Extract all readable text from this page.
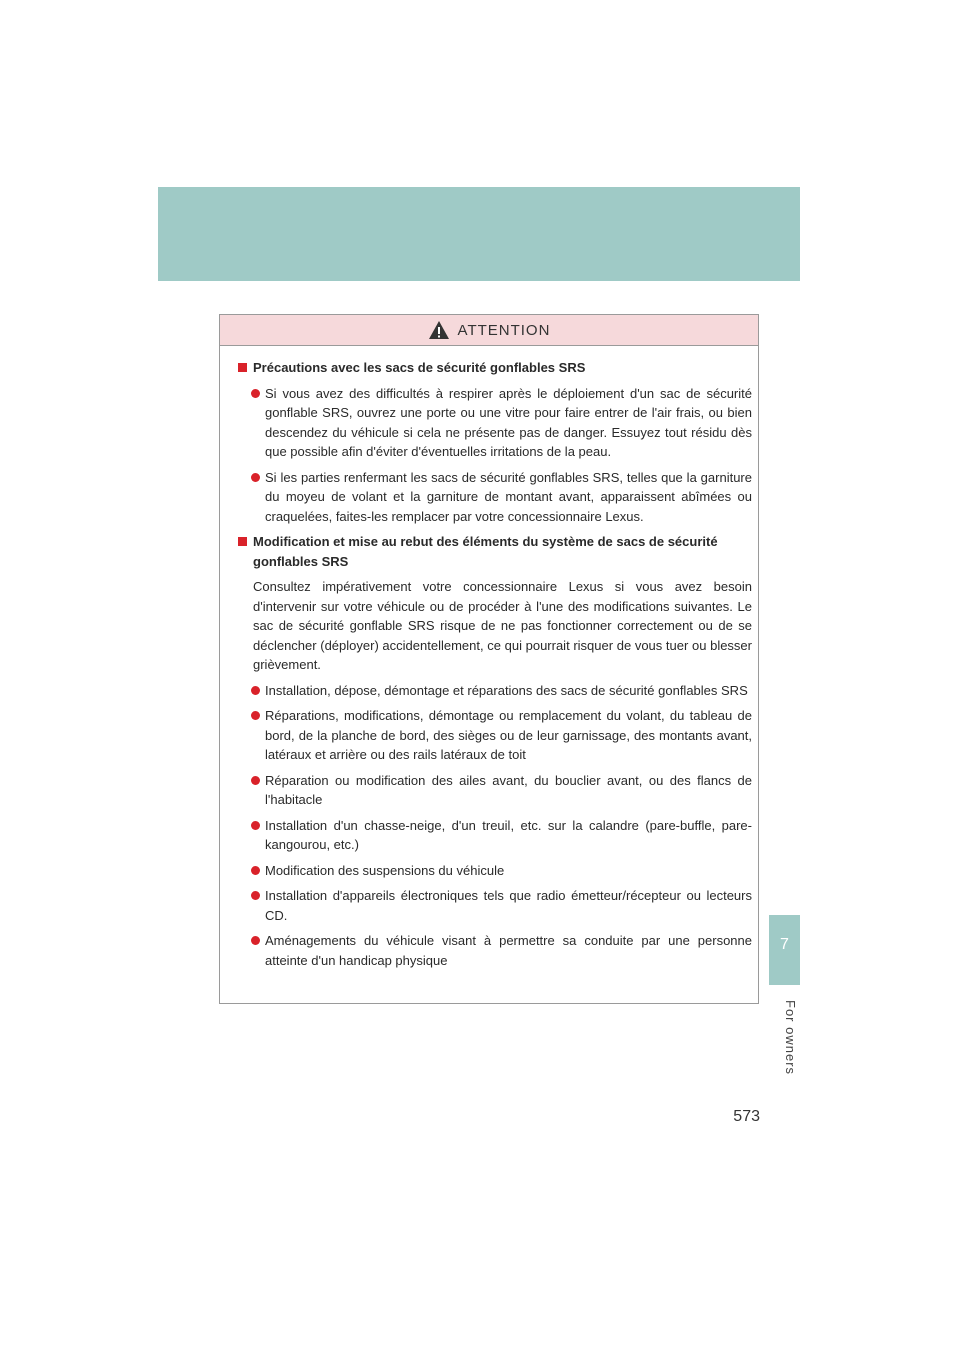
7
For owners
ATTENTION
Précautions avec les sacs de sécurité gonflables SRS

Si vous avez des difficultés à respirer après le déploiement d'un sac de sécurité gonflable SRS, ouvrez une porte ou une vitre pour faire entrer de l'air frais, ou bien descendez du véhicule si cela ne présente pas de danger. Essuyez tout résidu dès que possible afin d'éviter d'éventuelles irritations de la peau.

Si les parties renfermant les sacs de sécurité gonflables SRS, telles que la garniture du moyeu de volant et la garniture de montant avant, apparaissent abîmées ou craquelées, faites-les remplacer par votre concessionnaire Lexus.

Modification et mise au rebut des éléments du système de sacs de sécurité gonflables SRS

Consultez impérativement votre concessionnaire Lexus si vous avez besoin d'intervenir sur votre véhicule ou de procéder à l'une des modifications suivantes. Le sac de sécurité gonflable SRS risque de ne pas fonctionner correctement ou de se déclencher (déployer) accidentellement, ce qui pourrait risquer de vous tuer ou blesser grièvement.

Installation, dépose, démontage et réparations des sacs de sécurité gonflables SRS

Réparations, modifications, démontage ou remplacement du volant, du tableau de bord, de la planche de bord, des sièges ou de leur garnissage, des montants avant, latéraux et arrière ou des rails latéraux de toit

Réparation ou modification des ailes avant, du bouclier avant, ou des flancs de l'habitacle

Installation d'un chasse-neige, d'un treuil, etc. sur la calandre (pare-buffle, pare-kangourou, etc.)

Modification des suspensions du véhicule

Installation d'appareils électroniques tels que radio émetteur/récepteur ou lecteurs CD.

Aménagements du véhicule visant à permettre sa conduite par une personne atteinte d'un handicap physique

573
